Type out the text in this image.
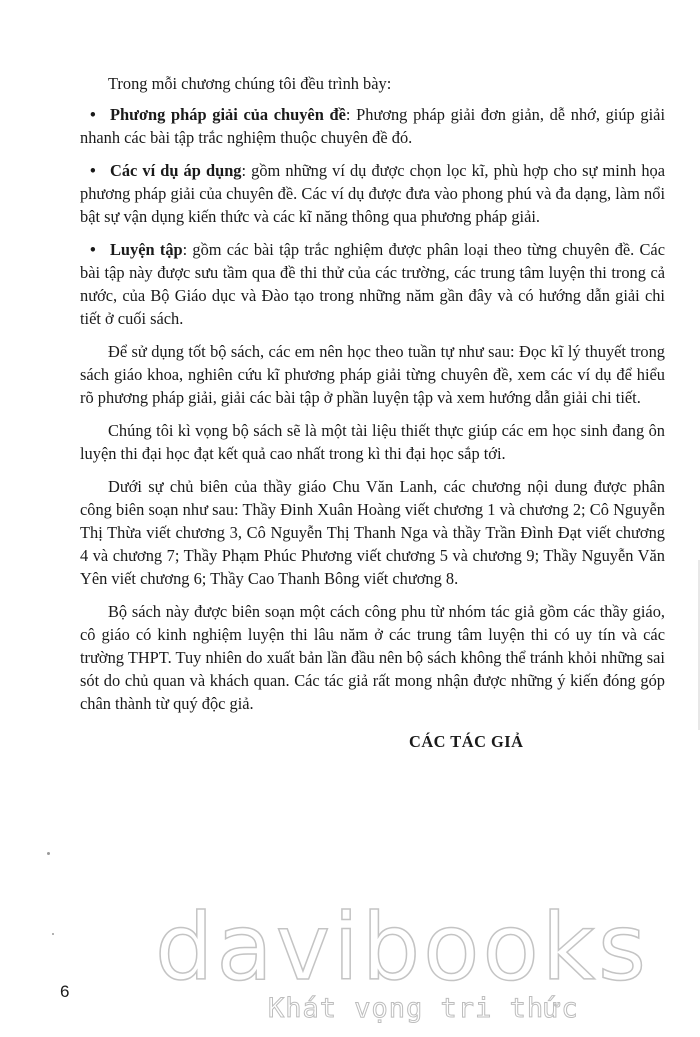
Trong mỗi chương chúng tôi đều trình bày:

• Phương pháp giải của chuyên đề: Phương pháp giải đơn giản, dễ nhớ, giúp giải nhanh các bài tập trắc nghiệm thuộc chuyên đề đó.
• Các ví dụ áp dụng: gồm những ví dụ được chọn lọc kĩ, phù hợp cho sự minh họa phương pháp giải của chuyên đề. Các ví dụ được đưa vào phong phú và đa dạng, làm nổi bật sự vận dụng kiến thức và các kĩ năng thông qua phương pháp giải.
• Luyện tập: gồm các bài tập trắc nghiệm được phân loại theo từng chuyên đề. Các bài tập này được sưu tầm qua đề thi thử của các trường, các trung tâm luyện thi trong cả nước, của Bộ Giáo dục và Đào tạo trong những năm gần đây và có hướng dẫn giải chi tiết ở cuối sách.

Để sử dụng tốt bộ sách, các em nên học theo tuần tự như sau: Đọc kĩ lý thuyết trong sách giáo khoa, nghiên cứu kĩ phương pháp giải từng chuyên đề, xem các ví dụ để hiểu rõ phương pháp giải, giải các bài tập ở phần luyện tập và xem hướng dẫn giải chi tiết.

Chúng tôi kì vọng bộ sách sẽ là một tài liệu thiết thực giúp các em học sinh đang ôn luyện thi đại học đạt kết quả cao nhất trong kì thi đại học sắp tới.

Dưới sự chủ biên của thầy giáo Chu Văn Lanh, các chương nội dung được phân công biên soạn như sau: Thầy Đinh Xuân Hoàng viết chương 1 và chương 2; Cô Nguyễn Thị Thừa viết chương 3, Cô Nguyễn Thị Thanh Nga và thầy Trần Đình Đạt viết chương 4 và chương 7; Thầy Phạm Phúc Phương viết chương 5 và chương 9; Thầy Nguyễn Văn Yên viết chương 6; Thầy Cao Thanh Bông viết chương 8.

Bộ sách này được biên soạn một cách công phu từ nhóm tác giả gồm các thầy giáo, cô giáo có kinh nghiệm luyện thi lâu năm ở các trung tâm luyện thi có uy tín và các trường THPT. Tuy nhiên do xuất bản lần đầu nên bộ sách không thể tránh khỏi những sai sót do chủ quan và khách quan. Các tác giả rất mong nhận được những ý kiến đóng góp chân thành từ quý độc giả.

CÁC TÁC GIẢ
6 davibooks
Khát vọng tri thức
